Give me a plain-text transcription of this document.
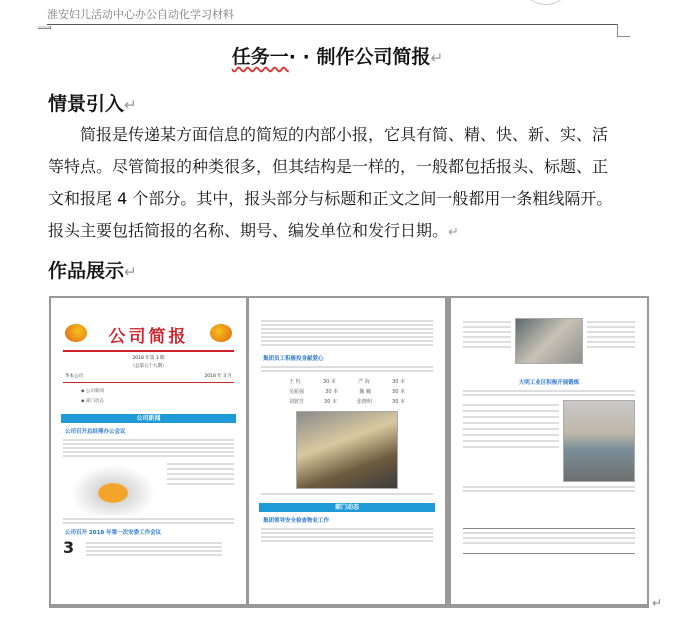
淮安妇儿活动中心办公自动化学习材料
任务一· · 制作公司简报↵
情景引入↵
简报是传递某方面信息的简短的内部小报，它具有简、精、快、新、实、活
等特点。尽管简报的种类很多，但其结构是一样的，一般都包括报头、标题、正
文和报尾 4 个部分。其中，报头部分与标题和正文之间一般都用一条粗线隔开。
报头主要包括简报的名称、期号、编发单位和发行日期。↵
作品展示↵
公司简报
2018 年第 3 期
（总第五十九期）
华本公司	2018 年 3 月
◆ 公司新闻
◆ 部门动态
公司新闻
公司召开总经理办公会议
公司召开 2018 年第一次安委工作会议
3
集团员工积极投身献爱心
王 恒	30 本	严 海	30 本
吴振强	30 本	魏 巍	30 本
刘彼芳	30 本	张晓明	30 本
部门动态
集团领导安全检查物业工作
大明工业区积极开展锻炼
↵
